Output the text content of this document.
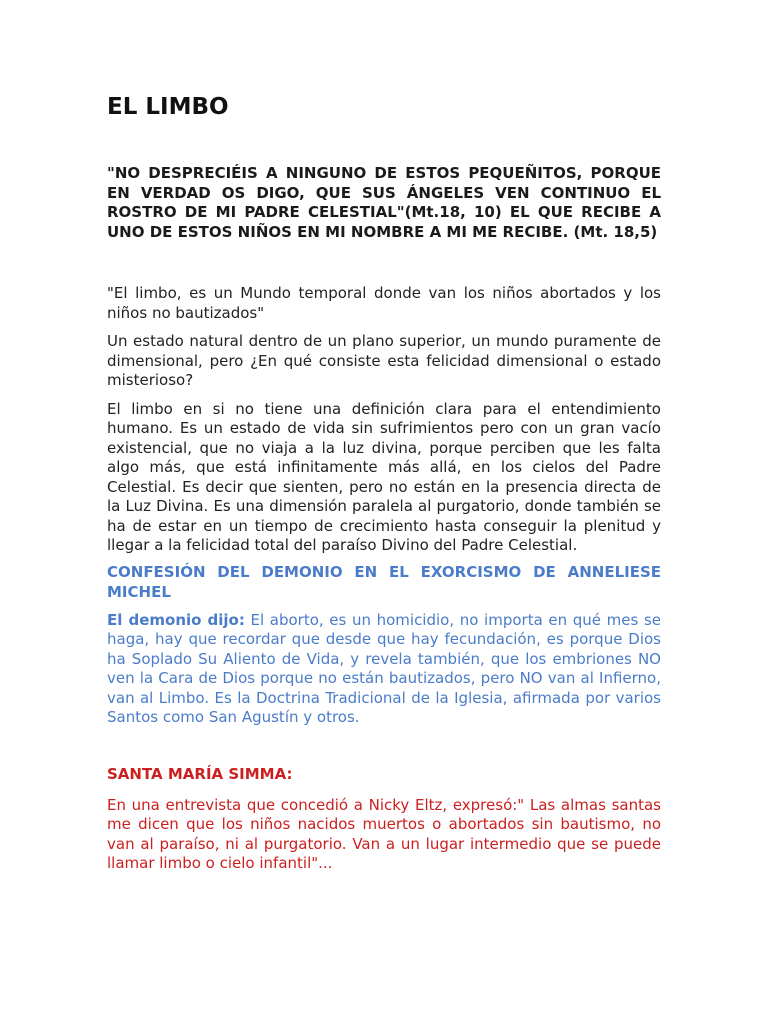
EL LIMBO

"NO DESPRECIÉIS A NINGUNO DE ESTOS PEQUEÑITOS, PORQUE EN VERDAD OS DIGO, QUE SUS ÁNGELES VEN CONTINUO EL ROSTRO DE MI PADRE CELESTIAL"(Mt.18, 10) EL QUE RECIBE A UNO DE ESTOS NIÑOS EN MI NOMBRE A MI ME RECIBE. (Mt. 18,5)

"El limbo, es un Mundo temporal donde van los niños abortados y los niños no bautizados"

Un estado natural dentro de un plano superior, un mundo puramente de dimensional, pero ¿En qué consiste esta felicidad dimensional o estado misterioso?

El limbo en si no tiene una definición clara para el entendimiento humano. Es un estado de vida sin sufrimientos pero con un gran vacío existencial, que no viaja a la luz divina, porque perciben que les falta algo más, que está infinitamente más allá, en los cielos del Padre Celestial. Es decir que sienten, pero no están en la presencia directa de la Luz Divina. Es una dimensión paralela al purgatorio, donde también se ha de estar en un tiempo de crecimiento hasta conseguir la plenitud y llegar a la felicidad total del paraíso Divino del Padre Celestial.

CONFESIÓN DEL DEMONIO EN EL EXORCISMO DE ANNELIESE MICHEL

El demonio dijo: El aborto, es un homicidio, no importa en qué mes se haga, hay que recordar que desde que hay fecundación, es porque Dios ha Soplado Su Aliento de Vida, y revela también, que los embriones NO ven la Cara de Dios porque no están bautizados, pero NO van al Infierno, van al Limbo. Es la Doctrina Tradicional de la Iglesia, afirmada por varios Santos como San Agustín y otros.

SANTA MARÍA SIMMA:

En una entrevista que concedió a Nicky Eltz, expresó:" Las almas santas me dicen que los niños nacidos muertos o abortados sin bautismo, no van al paraíso, ni al purgatorio. Van a un lugar intermedio que se puede llamar limbo o cielo infantil"...
